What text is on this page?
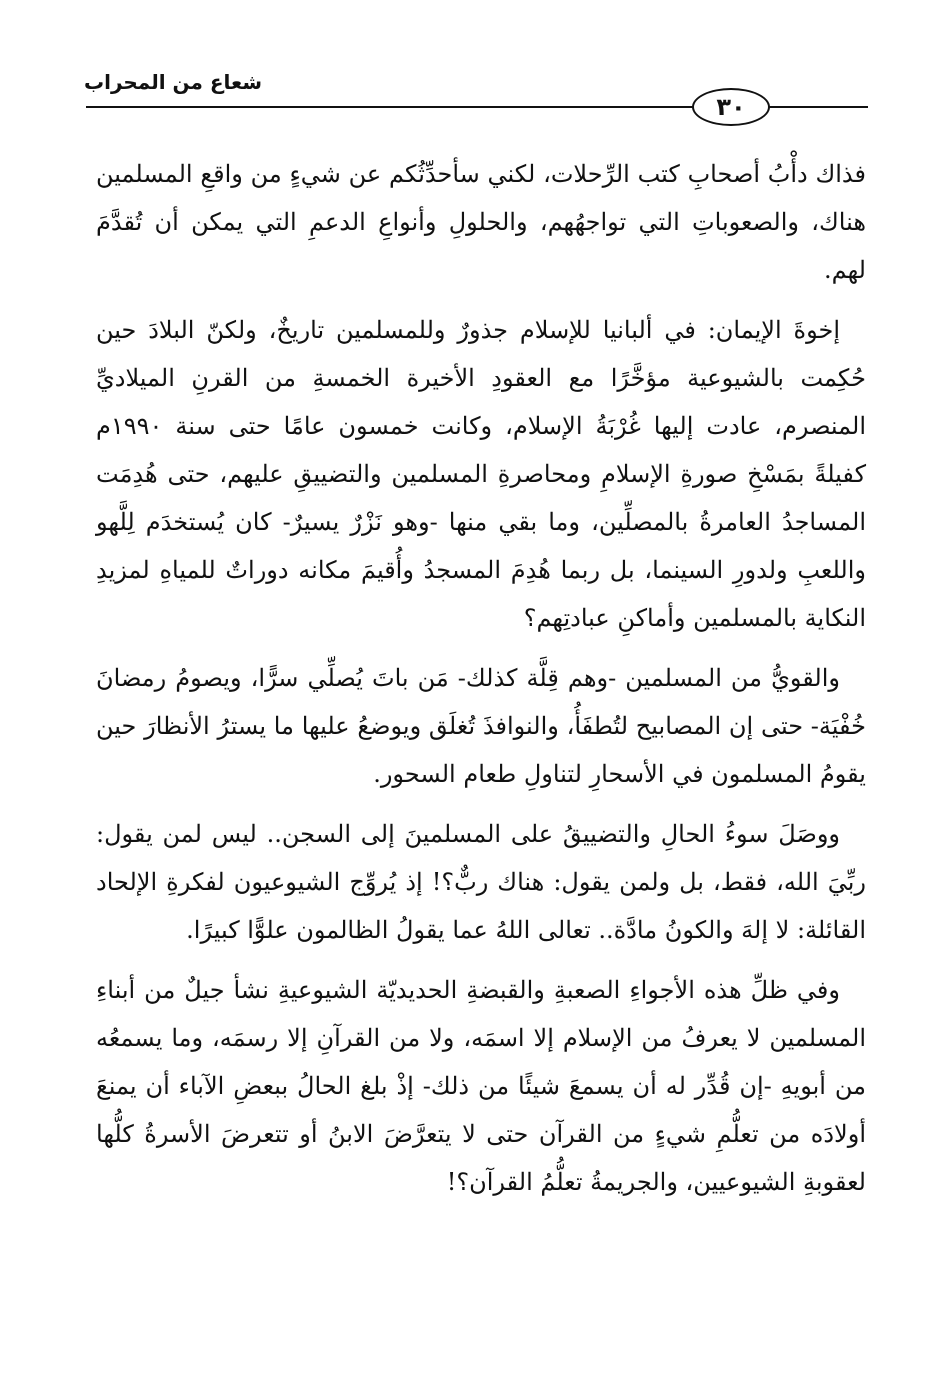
شعاع من المحراب
٣٠

فذاك دأْبُ أصحابِ كتب الرِّحلات، لكني سأحدِّثُكم عن شيءٍ من واقعِ المسلمين هناك، والصعوباتِ التي تواجهُهم، والحلولِ وأنواعِ الدعمِ التي يمكن أن تُقدَّمَ لهم.

إخوةَ الإيمان: في ألبانيا للإسلام جذورٌ وللمسلمين تاريخٌ، ولكنّ البلادَ حين حُكِمت بالشيوعية مؤخَّرًا مع العقودِ الأخيرة الخمسةِ من القرنِ الميلاديِّ المنصرم، عادت إليها غُرْبَةُ الإسلام، وكانت خمسون عامًا حتى سنة ١٩٩٠م كفيلةً بمَسْخِ صورةِ الإسلامِ ومحاصرةِ المسلمين والتضييقِ عليهم، حتى هُدِمَت المساجدُ العامرةُ بالمصلِّين، وما بقي منها -وهو نَزْرٌ يسيرٌ- كان يُستخدَم لِلَّهو واللعبِ ولدورِ السينما، بل ربما هُدِمَ المسجدُ وأُقيمَ مكانه دوراتٌ للمياهِ لمزيدِ النكاية بالمسلمين وأماكنِ عبادتِهم؟

والقويُّ من المسلمين -وهم قِلَّة كذلك- مَن باتَ يُصلِّي سرًّا، ويصومُ رمضانَ خُفْيَة- حتى إن المصابيح لتُطفَأُ، والنوافذَ تُغلَق ويوضعُ عليها ما يسترُ الأنظارَ حين يقومُ المسلمون في الأسحارِ لتناولِ طعام السحور.

ووصَلَ سوءُ الحالِ والتضييقُ على المسلمينَ إلى السجن.. ليس لمن يقول: ربِّيَ الله، فقط، بل ولمن يقول: هناك ربٌّ؟! إذ يُروِّج الشيوعيون لفكرةِ الإلحاد القائلة: لا إلهَ والكونُ مادَّة.. تعالى اللهُ عما يقولُ الظالمون علوًّا كبيرًا.

وفي ظلِّ هذه الأجواءِ الصعبةِ والقبضةِ الحديديّة الشيوعيةِ نشأ جيلٌ من أبناءِ المسلمين لا يعرفُ من الإسلام إلا اسمَه، ولا من القرآنِ إلا رسمَه، وما يسمعُه من أبويهِ -إن قُدِّر له أن يسمعَ شيئًا من ذلك- إذْ بلغ الحالُ ببعضِ الآباء أن يمنعَ أولادَه من تعلُّمِ شيءٍ من القرآن حتى لا يتعرَّضَ الابنُ أو تتعرضَ الأسرةُ كلُّها لعقوبةِ الشيوعيين، والجريمةُ تعلُّمُ القرآن؟!
